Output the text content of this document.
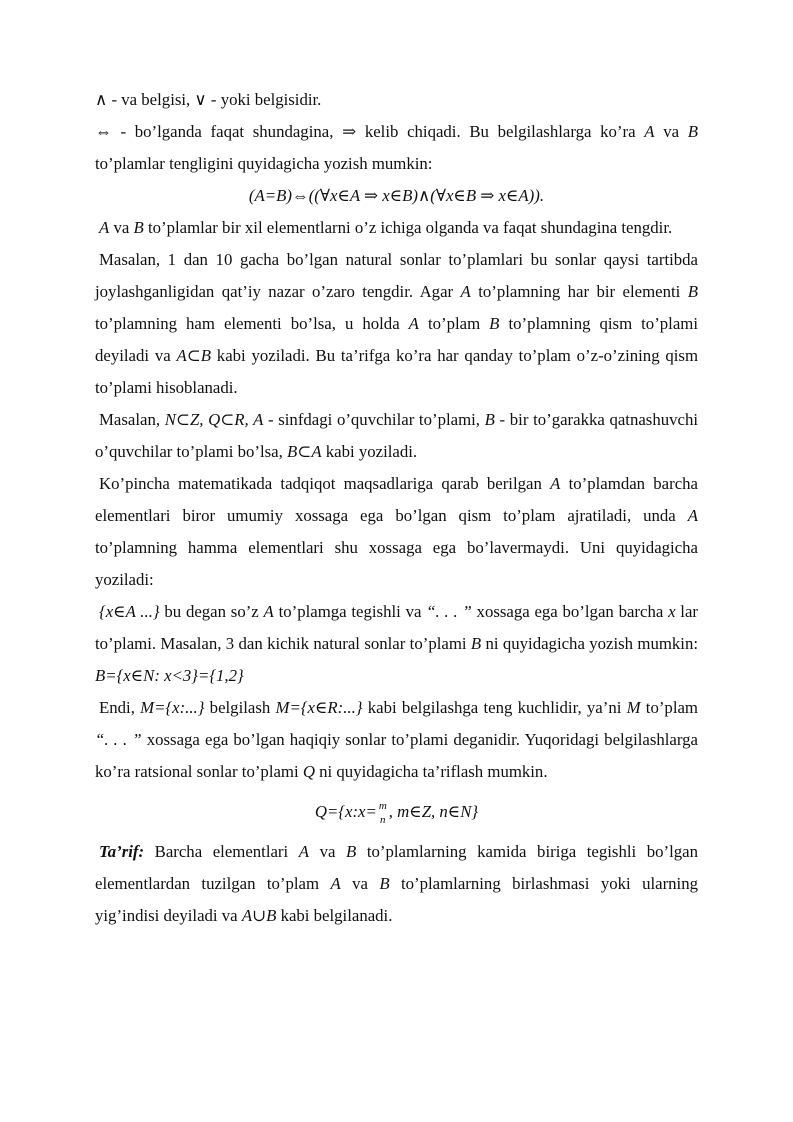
∧ - va belgisi, ∨ - yoki belgisidir.

⇔ - bo’lganda faqat shundagina, ⇒ kelib chiqadi. Bu belgilashlarga ko’ra A va B to’plamlar tengligini quyidagicha yozish mumkin:

(A=B)⇔((∀x∈A ⇒ x∈B)∧(∀x∈B ⇒ x∈A)).

A va B to’plamlar bir xil elementlarni o’z ichiga olganda va faqat shundagina tengdir.

Masalan, 1 dan 10 gacha bo’lgan natural sonlar to’plamlari bu sonlar qaysi tartibda joylashganligidan qat’iy nazar o’zaro tengdir. Agar A to’plamning har bir elementi B to’plamning ham elementi bo’lsa, u holda A to’plam B to’plamning qism to’plami deyiladi va A⊂B kabi yoziladi. Bu ta’rifga ko’ra har qanday to’plam o’z-o’zining qism to’plami hisoblanadi.

Masalan, N⊂Z, Q⊂R, A - sinfdagi o’quvchilar to’plami, B - bir to’garakka qatnashuvchi o’quvchilar to’plami bo’lsa, B⊂A kabi yoziladi.

Ko’pincha matematikada tadqiqot maqsadlariga qarab berilgan A to’plamdan barcha elementlari biror umumiy xossaga ega bo’lgan qism to’plam ajratiladi, unda A to’plamning hamma elementlari shu xossaga ega bo’lavermaydi. Uni quyidagicha yoziladi:

{x∈A ...} bu degan so’z A to’plamga tegishli va “. . . ” xossaga ega bo’lgan barcha x lar to’plami. Masalan, 3 dan kichik natural sonlar to’plami B ni quyidagicha yozish mumkin: B={x∈N: x<3}={1,2}

Endi, M={x:...} belgilash M={x∈R:...} kabi belgilashga teng kuchlidir, ya’ni M to’plam “. . . ” xossaga ega bo’lgan haqiqiy sonlar to’plami deganidir. Yuqoridagi belgilashlarga ko’ra ratsional sonlar to’plami Q ni quyidagicha ta’riflash mumkin.

Q={x:x= m
n , m∈Z, n∈N}

Ta’rif: Barcha elementlari A va B to’plamlarning kamida biriga tegishli bo’lgan elementlardan tuzilgan to’plam A va B to’plamlarning birlashmasi yoki ularning yig’indisi deyiladi va A∪B kabi belgilanadi.
